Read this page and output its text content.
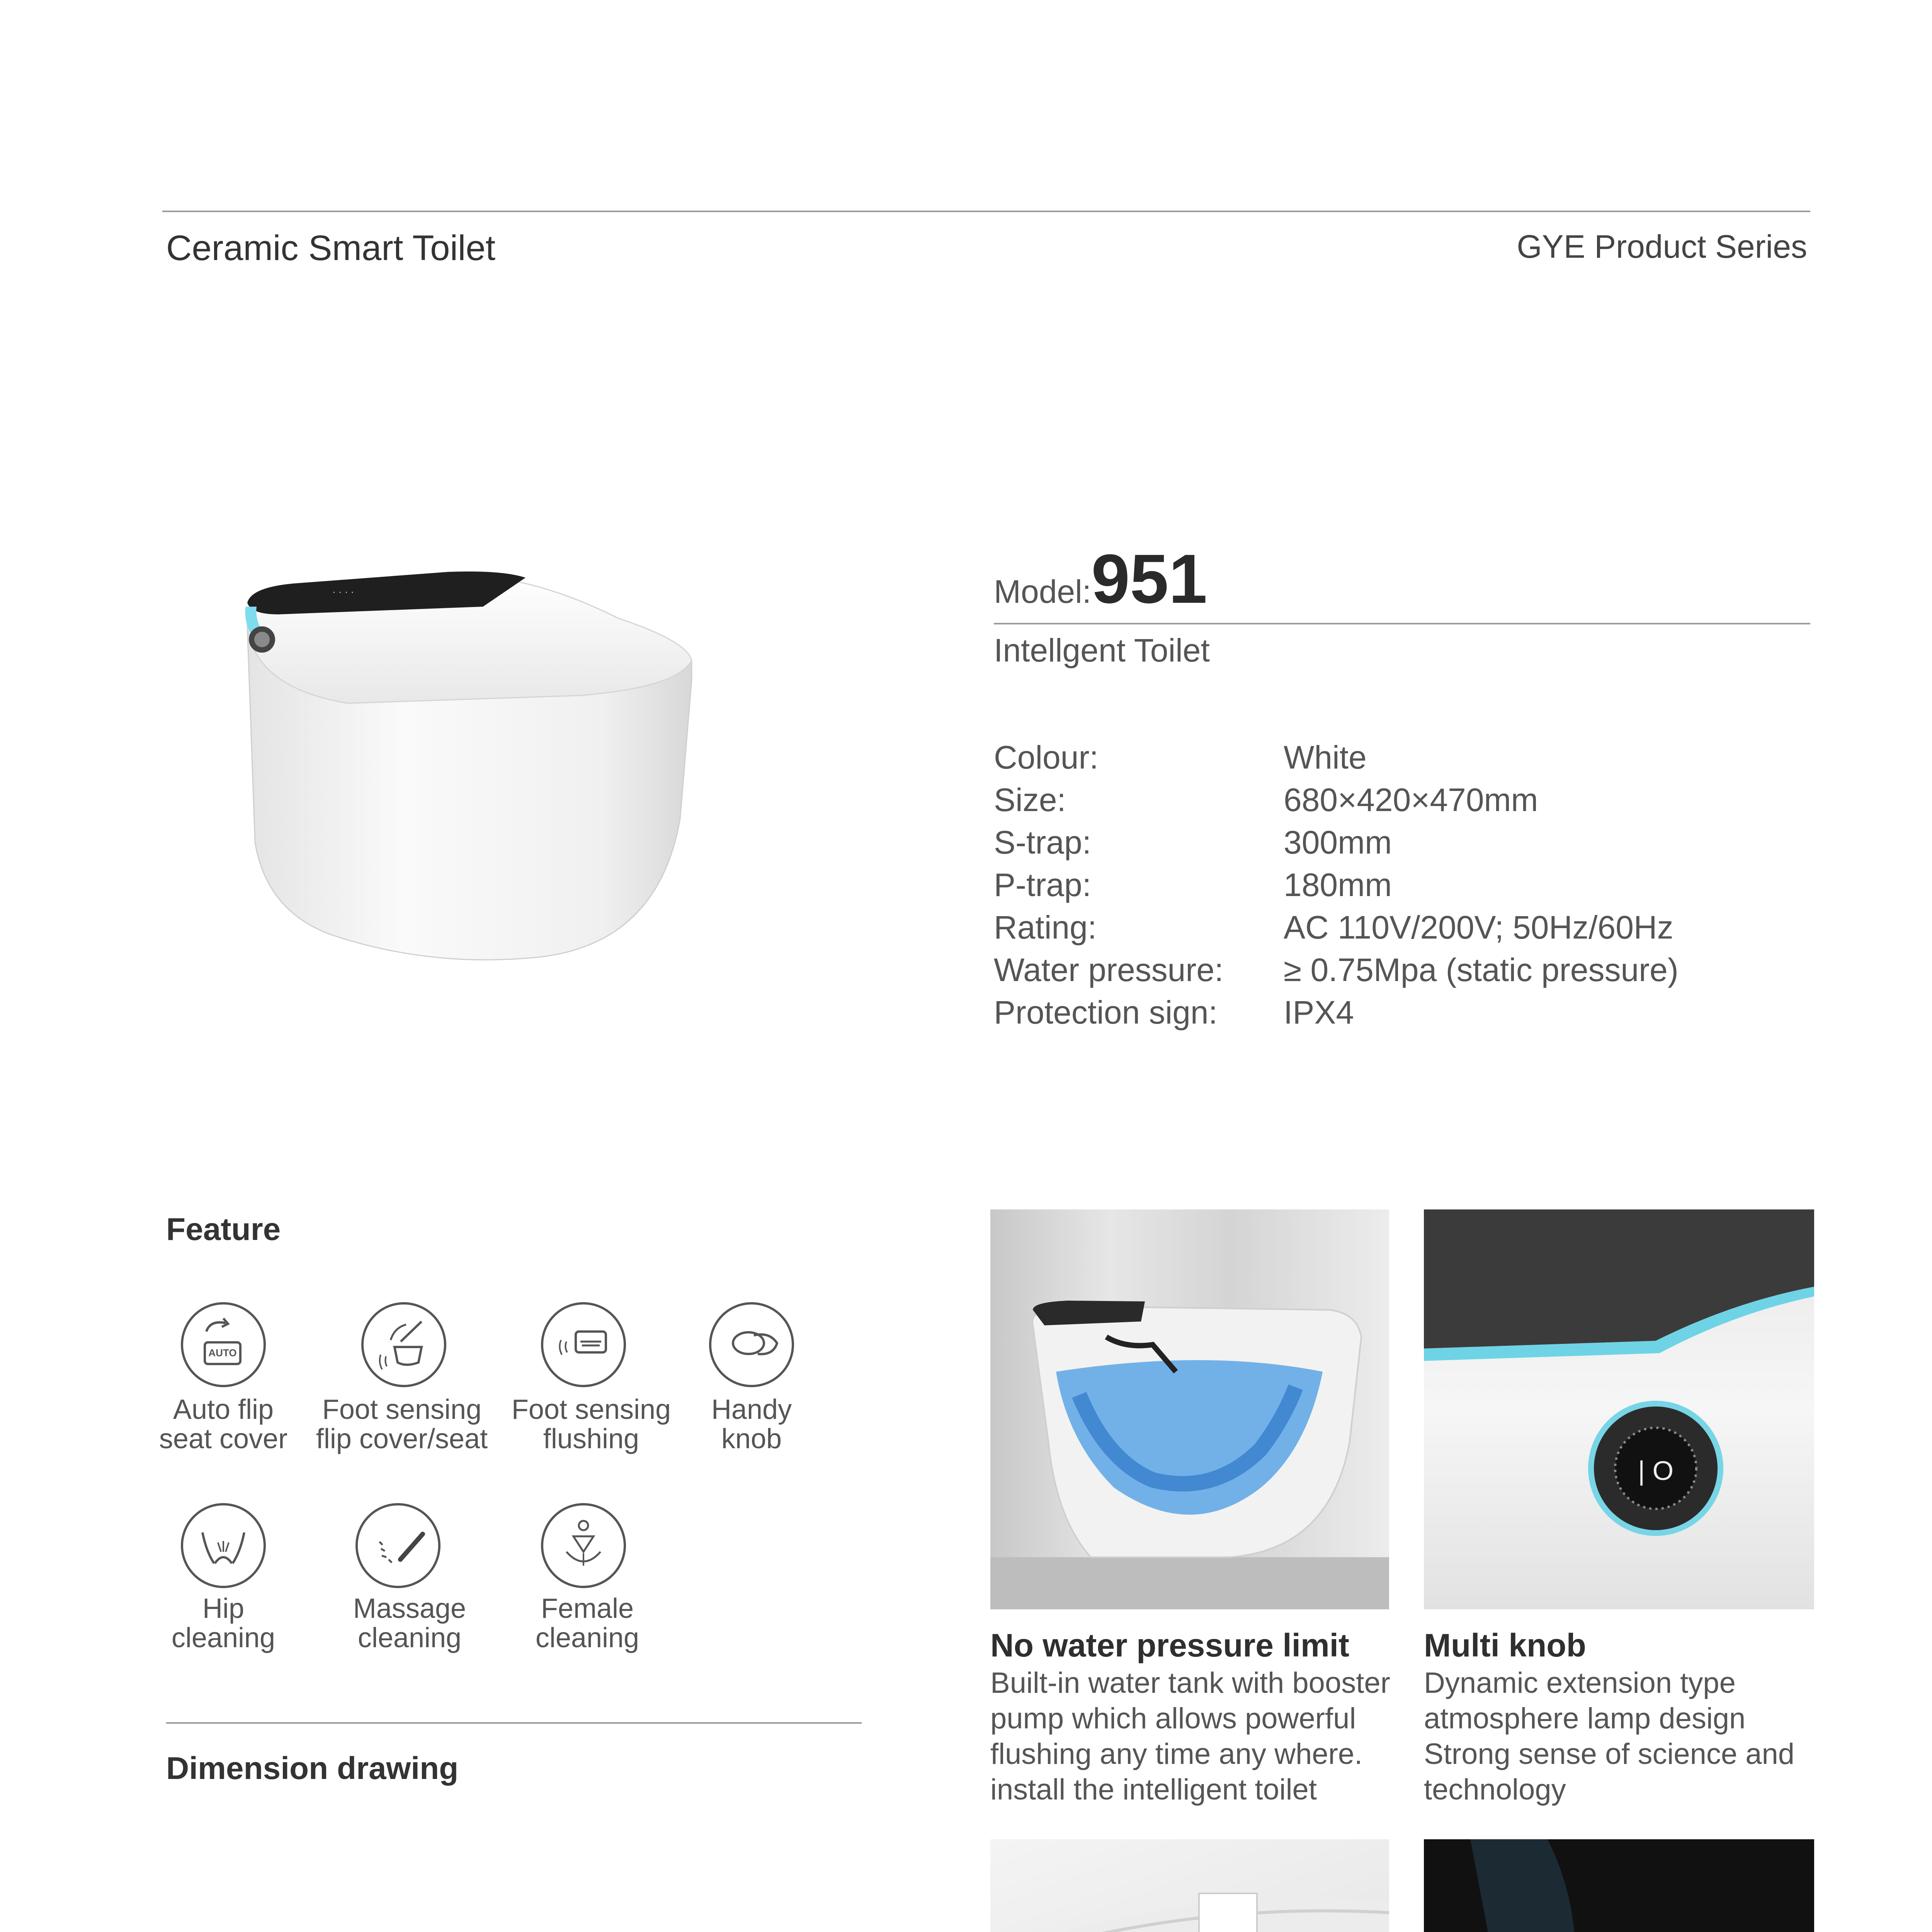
Ceramic Smart Toilet	GYE Product Series
· · · ·	Model:951
Intellgent Toilet
Colour:	White
Size:	680×420×470mm
S-trap:	300mm
P-trap:	180mm
Rating:	AC 110V/200V; 50Hz/60Hz
Water pressure:	≥ 0.75Mpa (static pressure)
Protection sign:	IPX4
Feature
AUTO
Auto flip
seat cover
Foot sensing
flip cover/seat
Foot sensing
flushing
Handy
knob
Hip
cleaning
Massage
cleaning
Female
cleaning
Dimension drawing
No water pressure limit
Built-in water tank with booster
pump which allows powerful
flushing any time any where.
install the intelligent toilet
| O
Multi knob
Dynamic extension type
atmosphere lamp design
Strong sense of science and
technology
